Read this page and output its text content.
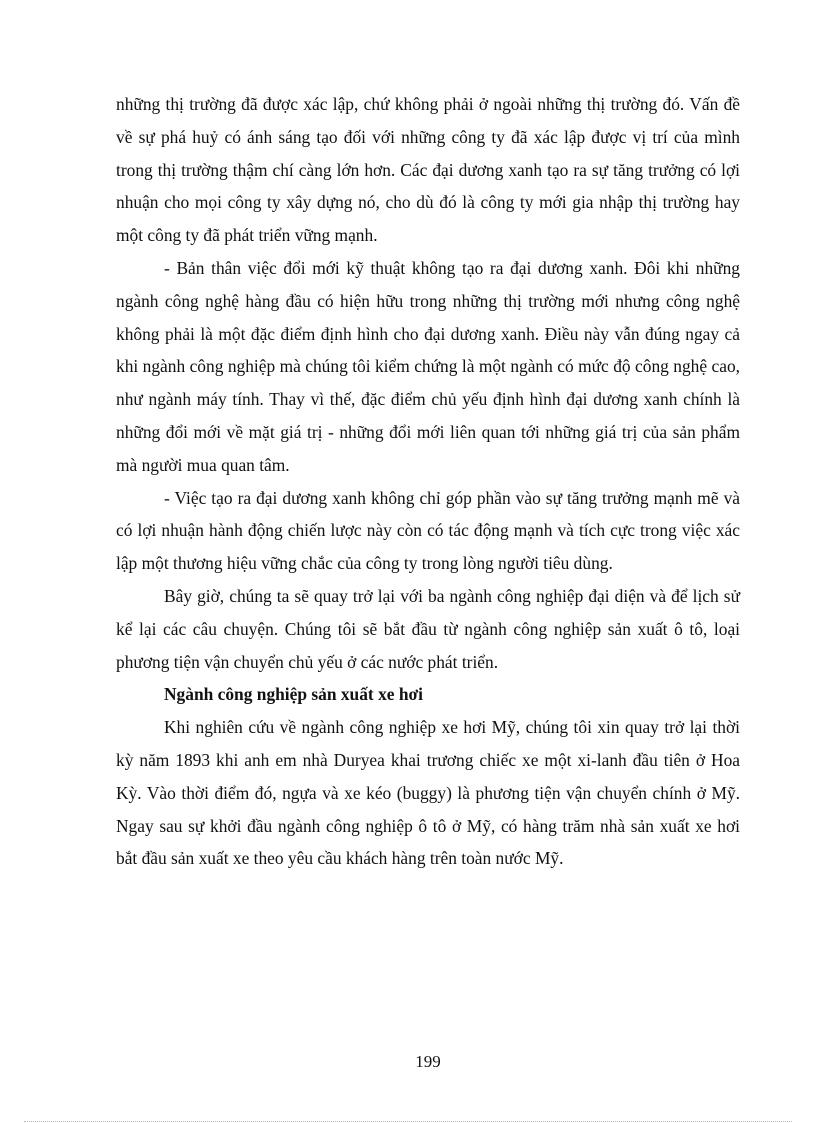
những thị trường đã được xác lập, chứ không phải ở ngoài những thị trường đó. Vấn đề về sự phá huỷ có ánh sáng tạo đối với những công ty đã xác lập được vị trí của mình trong thị trường thậm chí càng lớn hơn. Các đại dương xanh tạo ra sự tăng trưởng có lợi nhuận cho mọi công ty xây dựng nó, cho dù đó là công ty mới gia nhập thị trường hay một công ty đã phát triển vững mạnh.

- Bản thân việc đổi mới kỹ thuật không tạo ra đại dương xanh. Đôi khi những ngành công nghệ hàng đầu có hiện hữu trong những thị trường mới nhưng công nghệ không phải là một đặc điểm định hình cho đại dương xanh. Điều này vẫn đúng ngay cả khi ngành công nghiệp mà chúng tôi kiểm chứng là một ngành có mức độ công nghệ cao, như ngành máy tính. Thay vì thế, đặc điểm chủ yếu định hình đại dương xanh chính là những đổi mới về mặt giá trị - những đổi mới liên quan tới những giá trị của sản phẩm mà người mua quan tâm.

- Việc tạo ra đại dương xanh không chỉ góp phần vào sự tăng trưởng mạnh mẽ và có lợi nhuận hành động chiến lược này còn có tác động mạnh và tích cực trong việc xác lập một thương hiệu vững chắc của công ty trong lòng người tiêu dùng.

Bây giờ, chúng ta sẽ quay trở lại với ba ngành công nghiệp đại diện và để lịch sử kể lại các câu chuyện. Chúng tôi sẽ bắt đầu từ ngành công nghiệp sản xuất ô tô, loại phương tiện vận chuyển chủ yếu ở các nước phát triển.

Ngành công nghiệp sản xuất xe hơi

Khi nghiên cứu về ngành công nghiệp xe hơi Mỹ, chúng tôi xin quay trở lại thời kỳ năm 1893 khi anh em nhà Duryea khai trương chiếc xe một xi-lanh đầu tiên ở Hoa Kỳ. Vào thời điểm đó, ngựa và xe kéo (buggy) là phương tiện vận chuyển chính ở Mỹ. Ngay sau sự khởi đầu ngành công nghiệp ô tô ở Mỹ, có hàng trăm nhà sản xuất xe hơi bắt đầu sản xuất xe theo yêu cầu khách hàng trên toàn nước Mỹ.

199
